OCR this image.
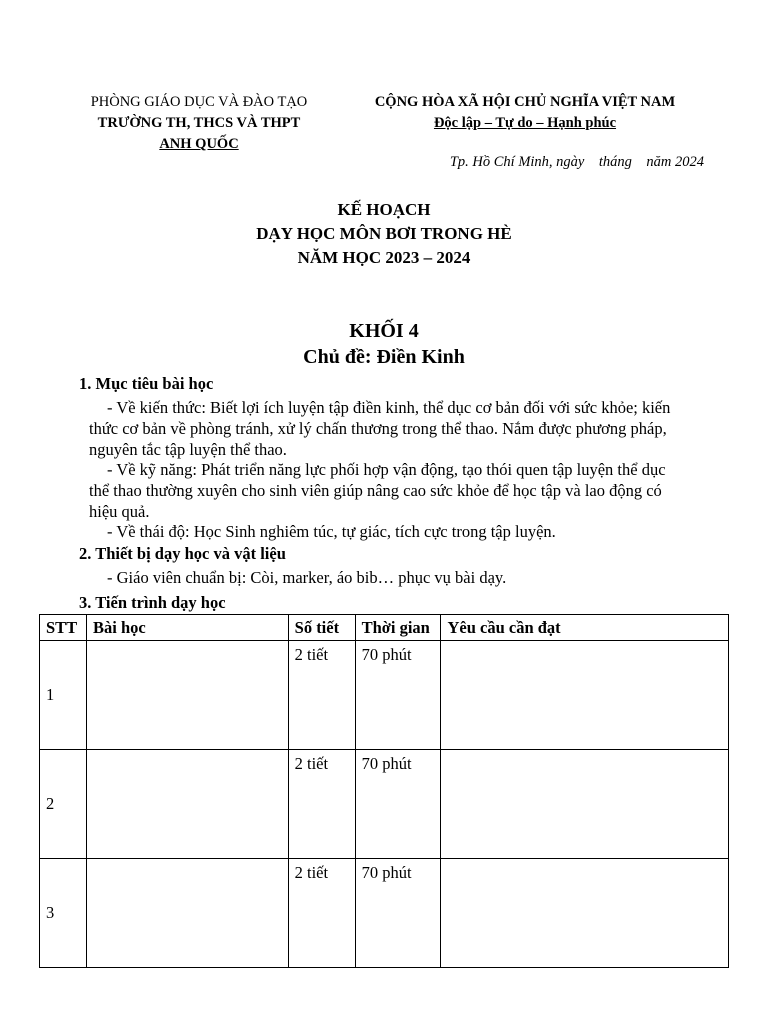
PHÒNG GIÁO DỤC VÀ ĐÀO TẠO
TRƯỜNG TH, THCS VÀ THPT
ANH QUỐC
CỘNG HÒA XÃ HỘI CHỦ NGHĨA VIỆT NAM
Độc lập – Tự do – Hạnh phúc
Tp. Hồ Chí Minh, ngày    tháng    năm 2024
KẾ HOẠCH
DẠY HỌC MÔN BƠI TRONG HÈ
NĂM HỌC 2023 – 2024
KHỐI 4
Chủ đề: Điền Kinh
1. Mục tiêu bài học
- Về kiến thức: Biết lợi ích luyện tập điền kinh, thể dục cơ bản đối với sức khỏe; kiến thức cơ bản về phòng tránh, xử lý chấn thương trong thể thao. Nắm được phương pháp, nguyên tắc tập luyện thể thao.
- Về kỹ năng: Phát triển năng lực phối hợp vận động, tạo thói quen tập luyện thể dục thể thao thường xuyên cho sinh viên giúp nâng cao sức khỏe để học tập và lao động có hiệu quả.
- Về thái độ: Học Sinh nghiêm túc, tự giác, tích cực trong tập luyện.
2. Thiết bị dạy học và vật liệu
- Giáo viên chuẩn bị: Còi, marker, áo bib… phục vụ bài dạy.
3. Tiến trình dạy học
STT	Bài học	Số tiết	Thời gian	Yêu cầu cần đạt
1		2 tiết	70 phút	
2		2 tiết	70 phút	
3		2 tiết	70 phút	
